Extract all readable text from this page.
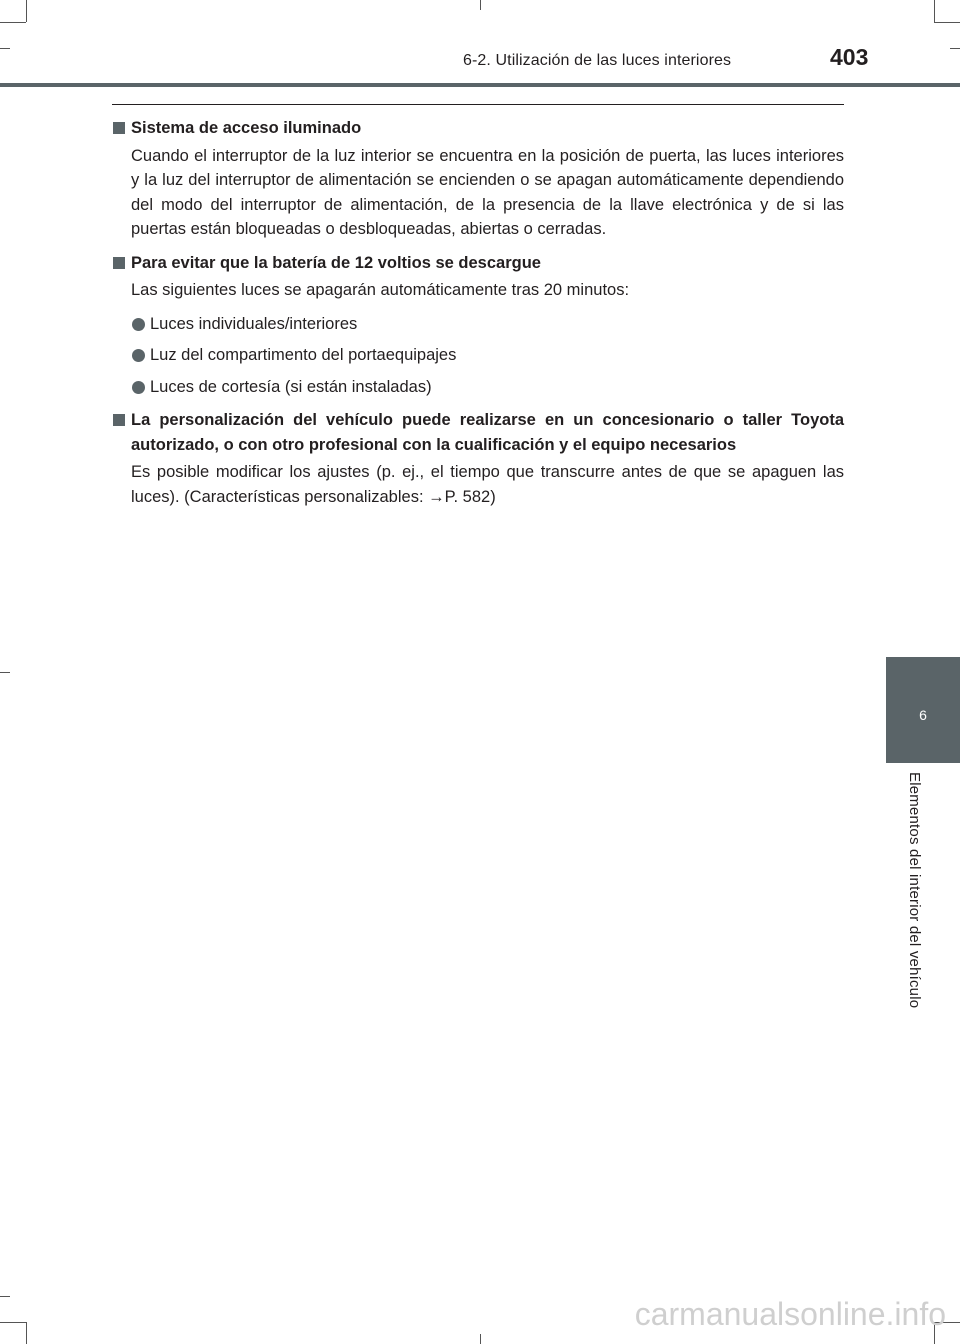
6-2. Utilización de las luces interiores	403
6
Elementos del interior del vehículo
Sistema de acceso iluminado
Cuando el interruptor de la luz interior se encuentra en la posición de puerta, las luces interiores y la luz del interruptor de alimentación se encienden o se apagan automáticamente dependiendo del modo del interruptor de alimentación, de la presencia de la llave electrónica y de si las puertas están bloqueadas o desbloqueadas, abiertas o cerradas.
Para evitar que la batería de 12 voltios se descargue
Las siguientes luces se apagarán automáticamente tras 20 minutos:
Luces individuales/interiores
Luz del compartimento del portaequipajes
Luces de cortesía (si están instaladas)
La personalización del vehículo puede realizarse en un concesionario o taller Toyota autorizado, o con otro profesional con la cualificación y el equipo necesarios
Es posible modificar los ajustes (p. ej., el tiempo que transcurre antes de que se apaguen las luces). (Características personalizables: →P. 582)
carmanualsonline.info
